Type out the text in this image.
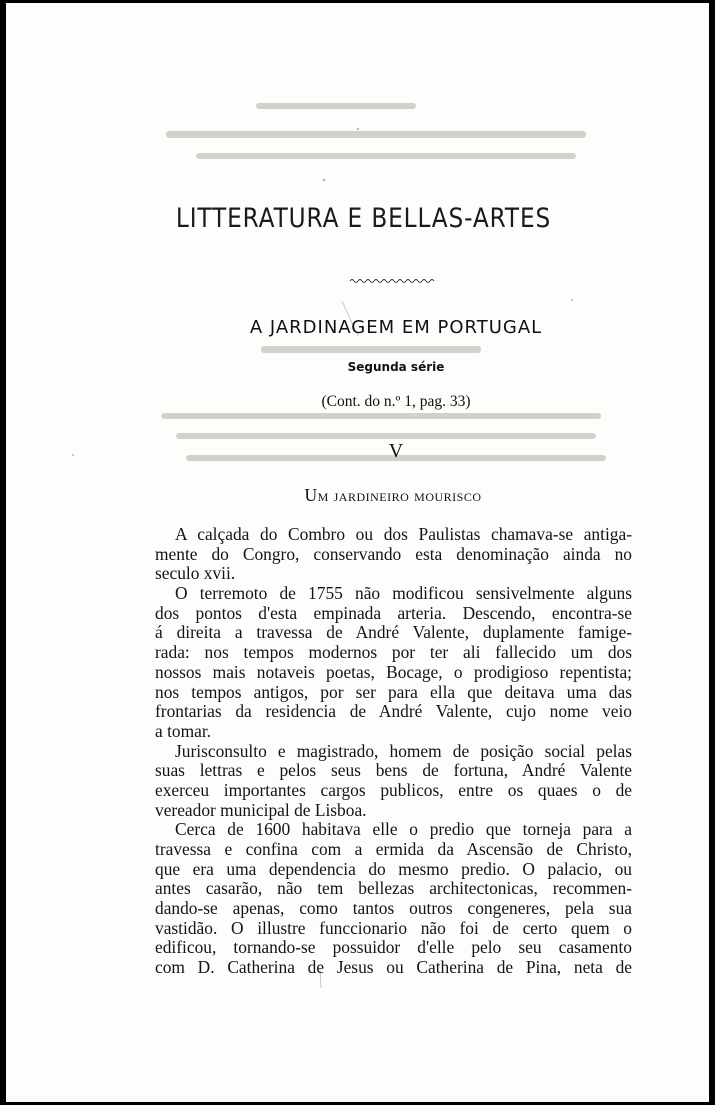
LITTERATURA E BELLAS-ARTES
A JARDINAGEM EM PORTUGAL
Segunda série
(Cont. do n.º 1, pag. 33)
V
Um jardineiro mourisco
A calçada do Combro ou dos Paulistas chamava-se antiga-
mente do Congro, conservando esta denominação ainda no
seculo xvii.
O terremoto de 1755 não modificou sensivelmente alguns
dos pontos d'esta empinada arteria. Descendo, encontra-se
á direita a travessa de André Valente, duplamente famige-
rada: nos tempos modernos por ter ali fallecido um dos
nossos mais notaveis poetas, Bocage, o prodigioso repentista;
nos tempos antigos, por ser para ella que deitava uma das
frontarias da residencia de André Valente, cujo nome veio
a tomar.
Jurisconsulto e magistrado, homem de posição social pelas
suas lettras e pelos seus bens de fortuna, André Valente
exerceu importantes cargos publicos, entre os quaes o de
vereador municipal de Lisboa.
Cerca de 1600 habitava elle o predio que torneja para a
travessa e confina com a ermida da Ascensão de Christo,
que era uma dependencia do mesmo predio. O palacio, ou
antes casarão, não tem bellezas architectonicas, recommen-
dando-se apenas, como tantos outros congeneres, pela sua
vastidão. O illustre funccionario não foi de certo quem o
edificou, tornando-se possuidor d'elle pelo seu casamento
com D. Catherina de Jesus ou Catherina de Pina, neta de
